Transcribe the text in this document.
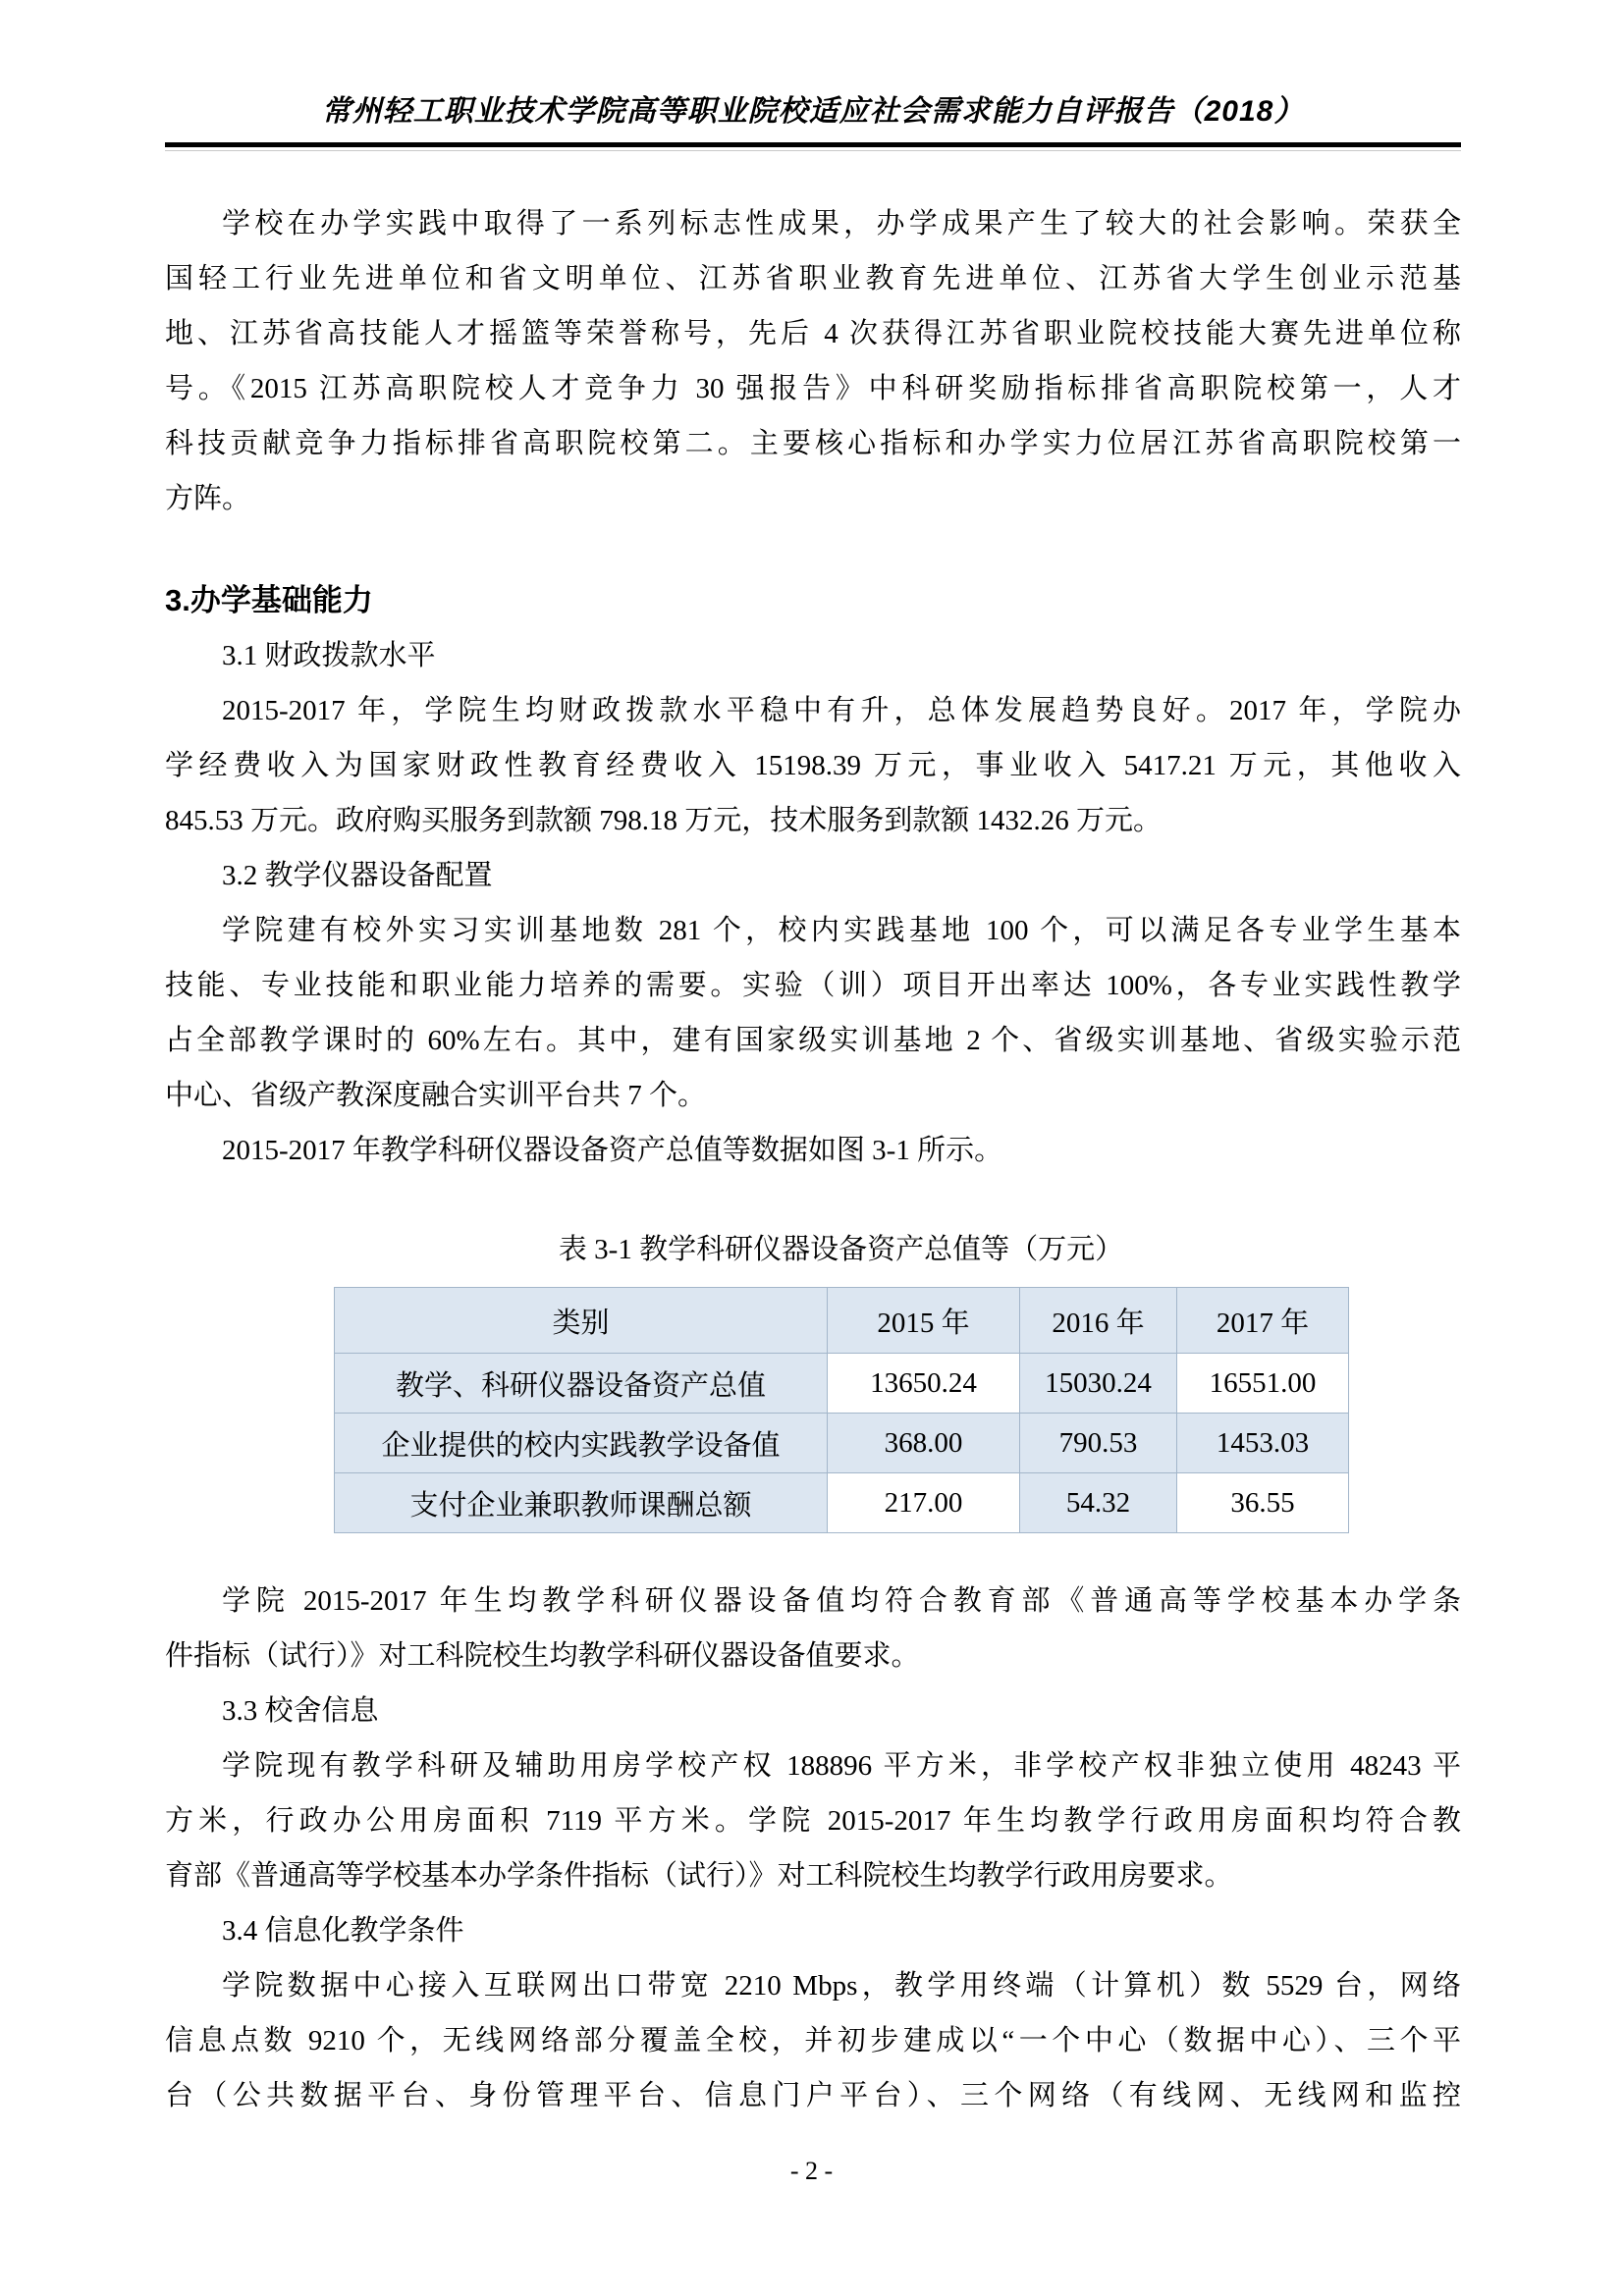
常州轻工职业技术学院高等职业院校适应社会需求能力自评报告（2018）
学校在办学实践中取得了一系列标志性成果，办学成果产生了较大的社会影响。荣获全
国轻工行业先进单位和省文明单位、江苏省职业教育先进单位、江苏省大学生创业示范基
地、江苏省高技能人才摇篮等荣誉称号，先后 4 次获得江苏省职业院校技能大赛先进单位称
号。《2015 江苏高职院校人才竞争力 30 强报告》中科研奖励指标排省高职院校第一，人才
科技贡献竞争力指标排省高职院校第二。主要核心指标和办学实力位居江苏省高职院校第一
方阵。
3.办学基础能力
3.1 财政拨款水平
2015-2017 年，学院生均财政拨款水平稳中有升，总体发展趋势良好。2017 年，学院办
学经费收入为国家财政性教育经费收入 15198.39 万元，事业收入 5417.21 万元，其他收入
845.53 万元。政府购买服务到款额 798.18 万元，技术服务到款额 1432.26 万元。
3.2 教学仪器设备配置
学院建有校外实习实训基地数 281 个，校内实践基地 100 个，可以满足各专业学生基本
技能、专业技能和职业能力培养的需要。实验（训）项目开出率达 100%，各专业实践性教学
占全部教学课时的 60%左右。其中，建有国家级实训基地 2 个、省级实训基地、省级实验示范
中心、省级产教深度融合实训平台共 7 个。
2015-2017 年教学科研仪器设备资产总值等数据如图 3-1 所示。
表 3-1 教学科研仪器设备资产总值等（万元）
类别	2015 年	2016 年	2017 年
教学、科研仪器设备资产总值	13650.24	15030.24	16551.00
企业提供的校内实践教学设备值	368.00	790.53	1453.03
支付企业兼职教师课酬总额	217.00	54.32	36.55
学院 2015-2017 年生均教学科研仪器设备值均符合教育部《普通高等学校基本办学条
件指标（试行）》对工科院校生均教学科研仪器设备值要求。
3.3 校舍信息
学院现有教学科研及辅助用房学校产权 188896 平方米，非学校产权非独立使用 48243 平
方米，行政办公用房面积 7119 平方米。学院 2015-2017 年生均教学行政用房面积均符合教
育部《普通高等学校基本办学条件指标（试行）》对工科院校生均教学行政用房要求。
3.4 信息化教学条件
学院数据中心接入互联网出口带宽 2210 Mbps，教学用终端（计算机）数 5529 台，网络
信息点数 9210 个，无线网络部分覆盖全校，并初步建成以“一个中心（数据中心）、三个平
台（公共数据平台、身份管理平台、信息门户平台）、三个网络（有线网、无线网和监控
- 2 -
